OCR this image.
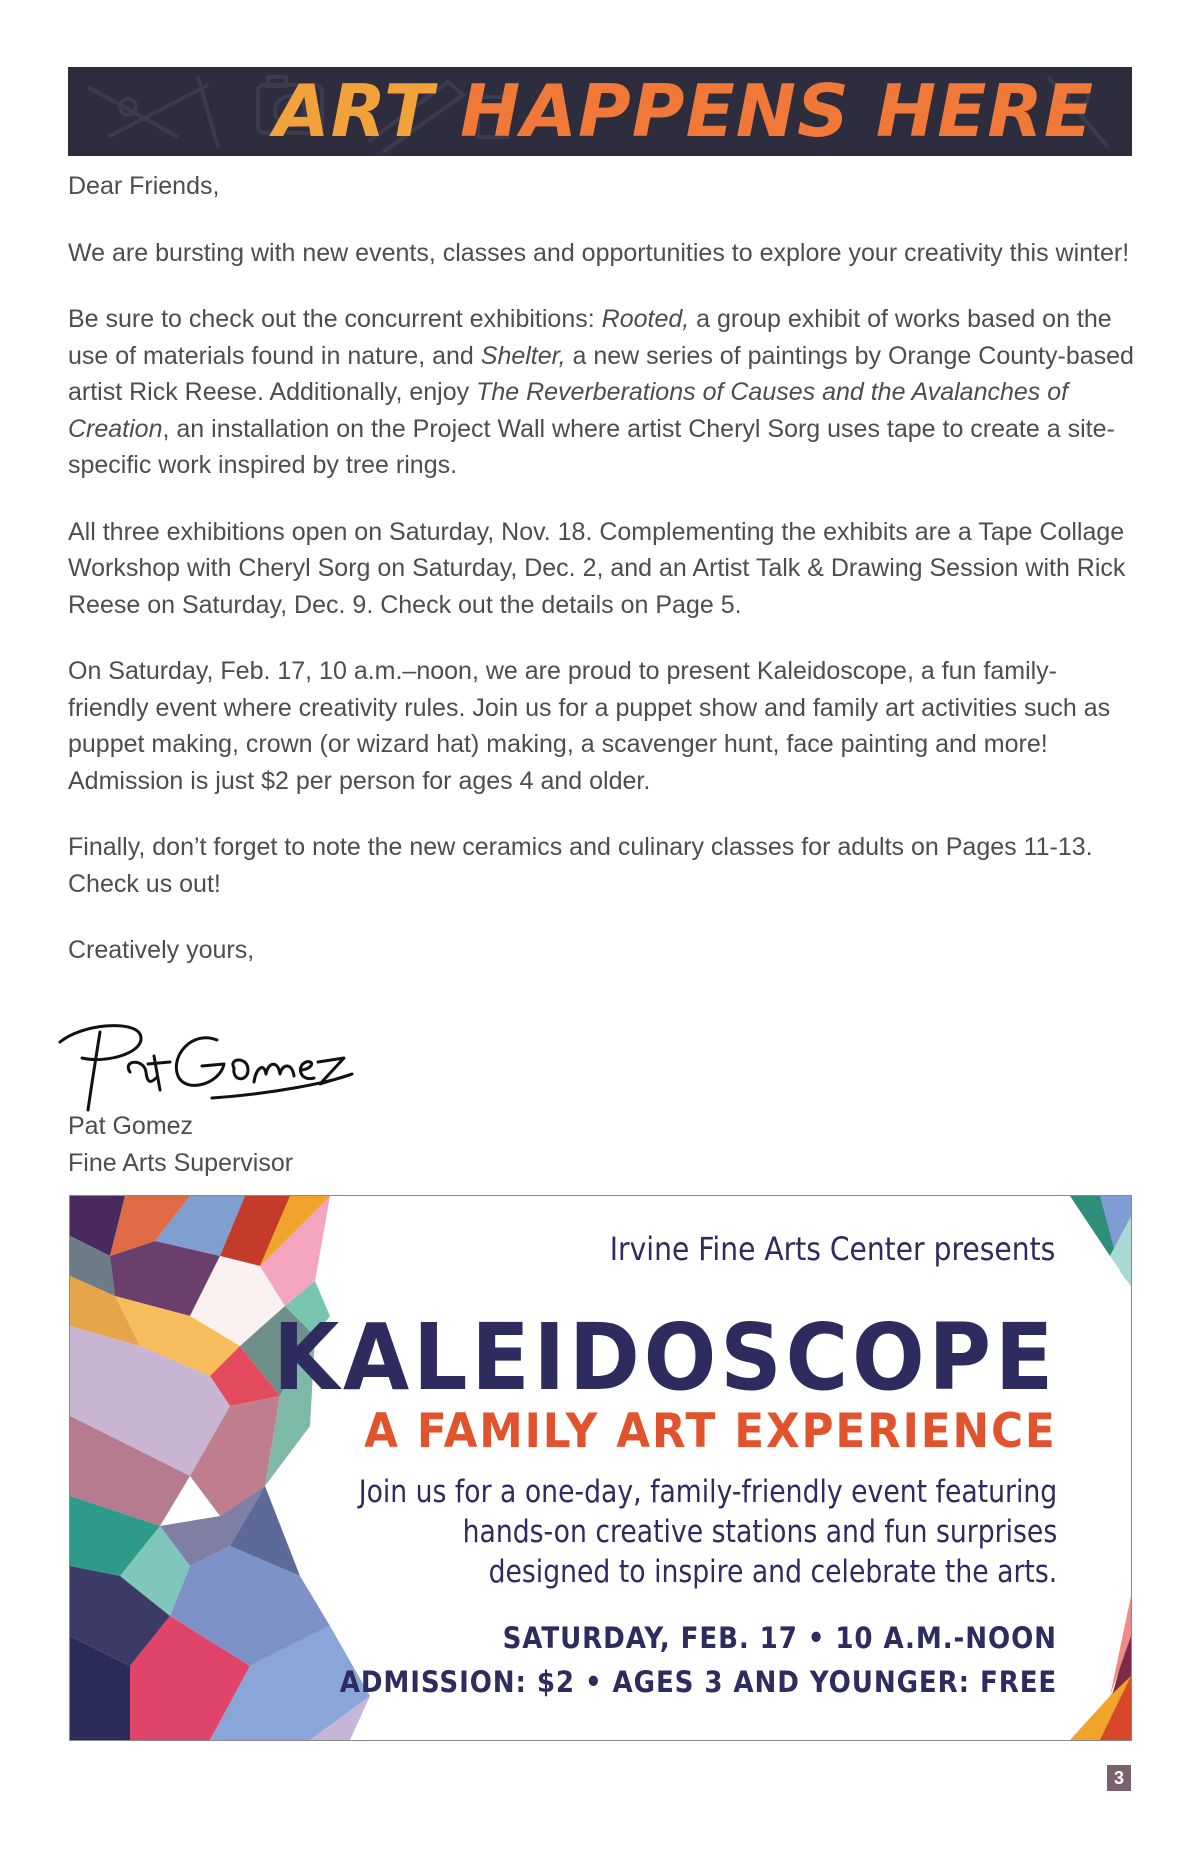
ART HAPPENS HERE

Dear Friends,

We are bursting with new events, classes and opportunities to explore your creativity this winter!

Be sure to check out the concurrent exhibitions: Rooted, a group exhibit of works based on the use of materials found in nature, and Shelter, a new series of paintings by Orange County-based artist Rick Reese. Additionally, enjoy The Reverberations of Causes and the Avalanches of Creation, an installation on the Project Wall where artist Cheryl Sorg uses tape to create a site-specific work inspired by tree rings.

All three exhibitions open on Saturday, Nov. 18. Complementing the exhibits are a Tape Collage Workshop with Cheryl Sorg on Saturday, Dec. 2, and an Artist Talk & Drawing Session with Rick Reese on Saturday, Dec. 9. Check out the details on Page 5.

On Saturday, Feb. 17, 10 a.m.–noon, we are proud to present Kaleidoscope, a fun family-friendly event where creativity rules. Join us for a puppet show and family art activities such as puppet making, crown (or wizard hat) making, a scavenger hunt, face painting and more! Admission is just $2 per person for ages 4 and older.

Finally, don’t forget to note the new ceramics and culinary classes for adults on Pages 11-13. Check us out!

Creatively yours,

Pat Gomez
Pat Gomez
Fine Arts Supervisor
Irvine Fine Arts Center presents
KALEIDOSCOPE
A FAMILY ART EXPERIENCE
Join us for a one-day, family-friendly event featuring
hands-on creative stations and fun surprises
designed to inspire and celebrate the arts.
SATURDAY, FEB. 17 • 10 A.M.-NOON
ADMISSION: $2 • AGES 3 AND YOUNGER: FREE
3
